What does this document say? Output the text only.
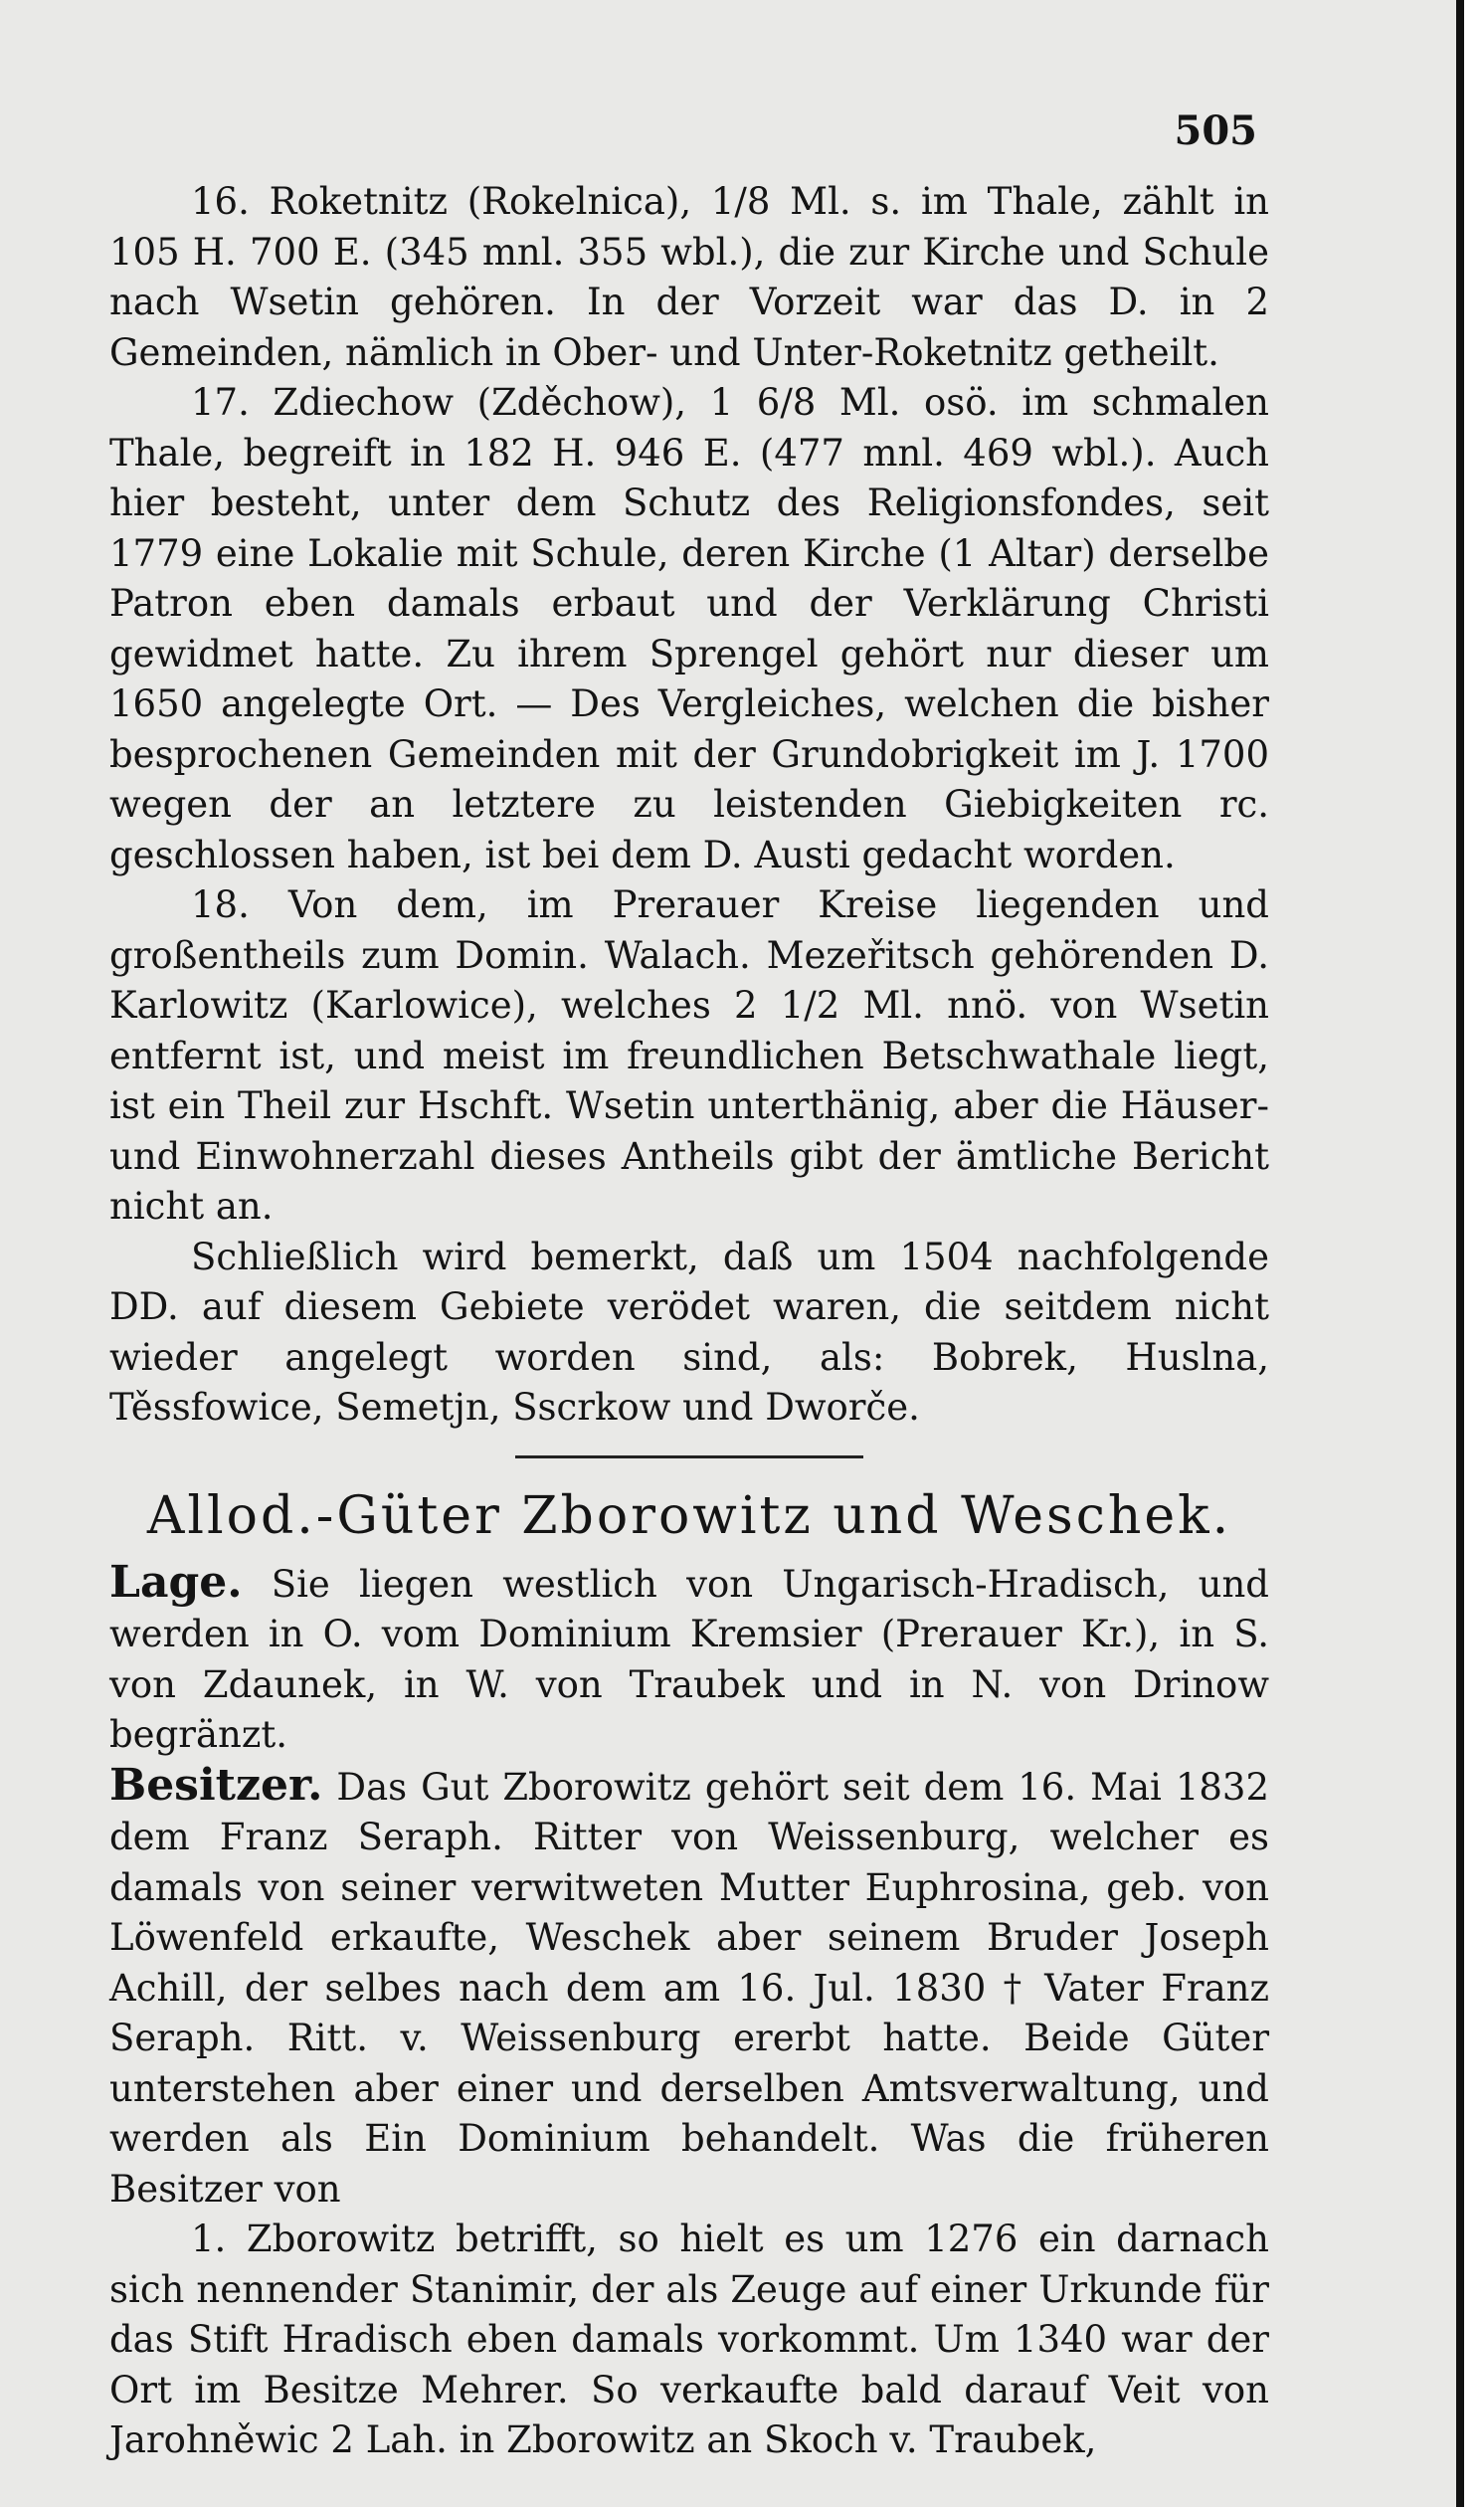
505

16. Roketnitz (Rokelnica), 1/8 Ml. s. im Thale, zählt in 105 H. 700 E. (345 mnl. 355 wbl.), die zur Kirche und Schule nach Wsetin gehören. In der Vorzeit war das D. in 2 Gemeinden, nämlich in Ober- und Unter-Roketnitz getheilt.

17. Zdiechow (Zděchow), 1 6/8 Ml. osö. im schmalen Thale, begreift in 182 H. 946 E. (477 mnl. 469 wbl.). Auch hier besteht, unter dem Schutz des Religionsfondes, seit 1779 eine Lokalie mit Schule, deren Kirche (1 Altar) derselbe Patron eben damals erbaut und der Verklärung Christi gewidmet hatte. Zu ihrem Sprengel gehört nur dieser um 1650 angelegte Ort. — Des Vergleiches, welchen die bisher besprochenen Gemeinden mit der Grundobrigkeit im J. 1700 wegen der an letztere zu leistenden Giebigkeiten rc. geschlossen haben, ist bei dem D. Austi gedacht worden.

18. Von dem, im Prerauer Kreise liegenden und großentheils zum Domin. Walach. Mezeřitsch gehörenden D. Karlowitz (Karlowice), welches 2 1/2 Ml. nnö. von Wsetin entfernt ist, und meist im freundlichen Betschwathale liegt, ist ein Theil zur Hschft. Wsetin unterthänig, aber die Häuser- und Einwohnerzahl dieses Antheils gibt der ämtliche Bericht nicht an.

Schließlich wird bemerkt, daß um 1504 nachfolgende DD. auf diesem Gebiete verödet waren, die seitdem nicht wieder angelegt worden sind, als: Bobrek, Huslna, Těssfowice, Semetjn, Sscrkow und Dworče.

Allod.-Güter Zborowitz und Weschek.

Lage. Sie liegen westlich von Ungarisch-Hradisch, und werden in O. vom Dominium Kremsier (Prerauer Kr.), in S. von Zdaunek, in W. von Traubek und in N. von Drinow begränzt.

Besitzer. Das Gut Zborowitz gehört seit dem 16. Mai 1832 dem Franz Seraph. Ritter von Weissenburg, welcher es damals von seiner verwitweten Mutter Euphrosina, geb. von Löwenfeld erkaufte, Weschek aber seinem Bruder Joseph Achill, der selbes nach dem am 16. Jul. 1830 † Vater Franz Seraph. Ritt. v. Weissenburg ererbt hatte. Beide Güter unterstehen aber einer und derselben Amtsverwaltung, und werden als Ein Dominium behandelt. Was die früheren Besitzer von

1. Zborowitz betrifft, so hielt es um 1276 ein darnach sich nennender Stanimir, der als Zeuge auf einer Urkunde für das Stift Hradisch eben damals vorkommt. Um 1340 war der Ort im Besitze Mehrer. So verkaufte bald darauf Veit von Jarohněwic 2 Lah. in Zborowitz an Skoch v. Traubek,
